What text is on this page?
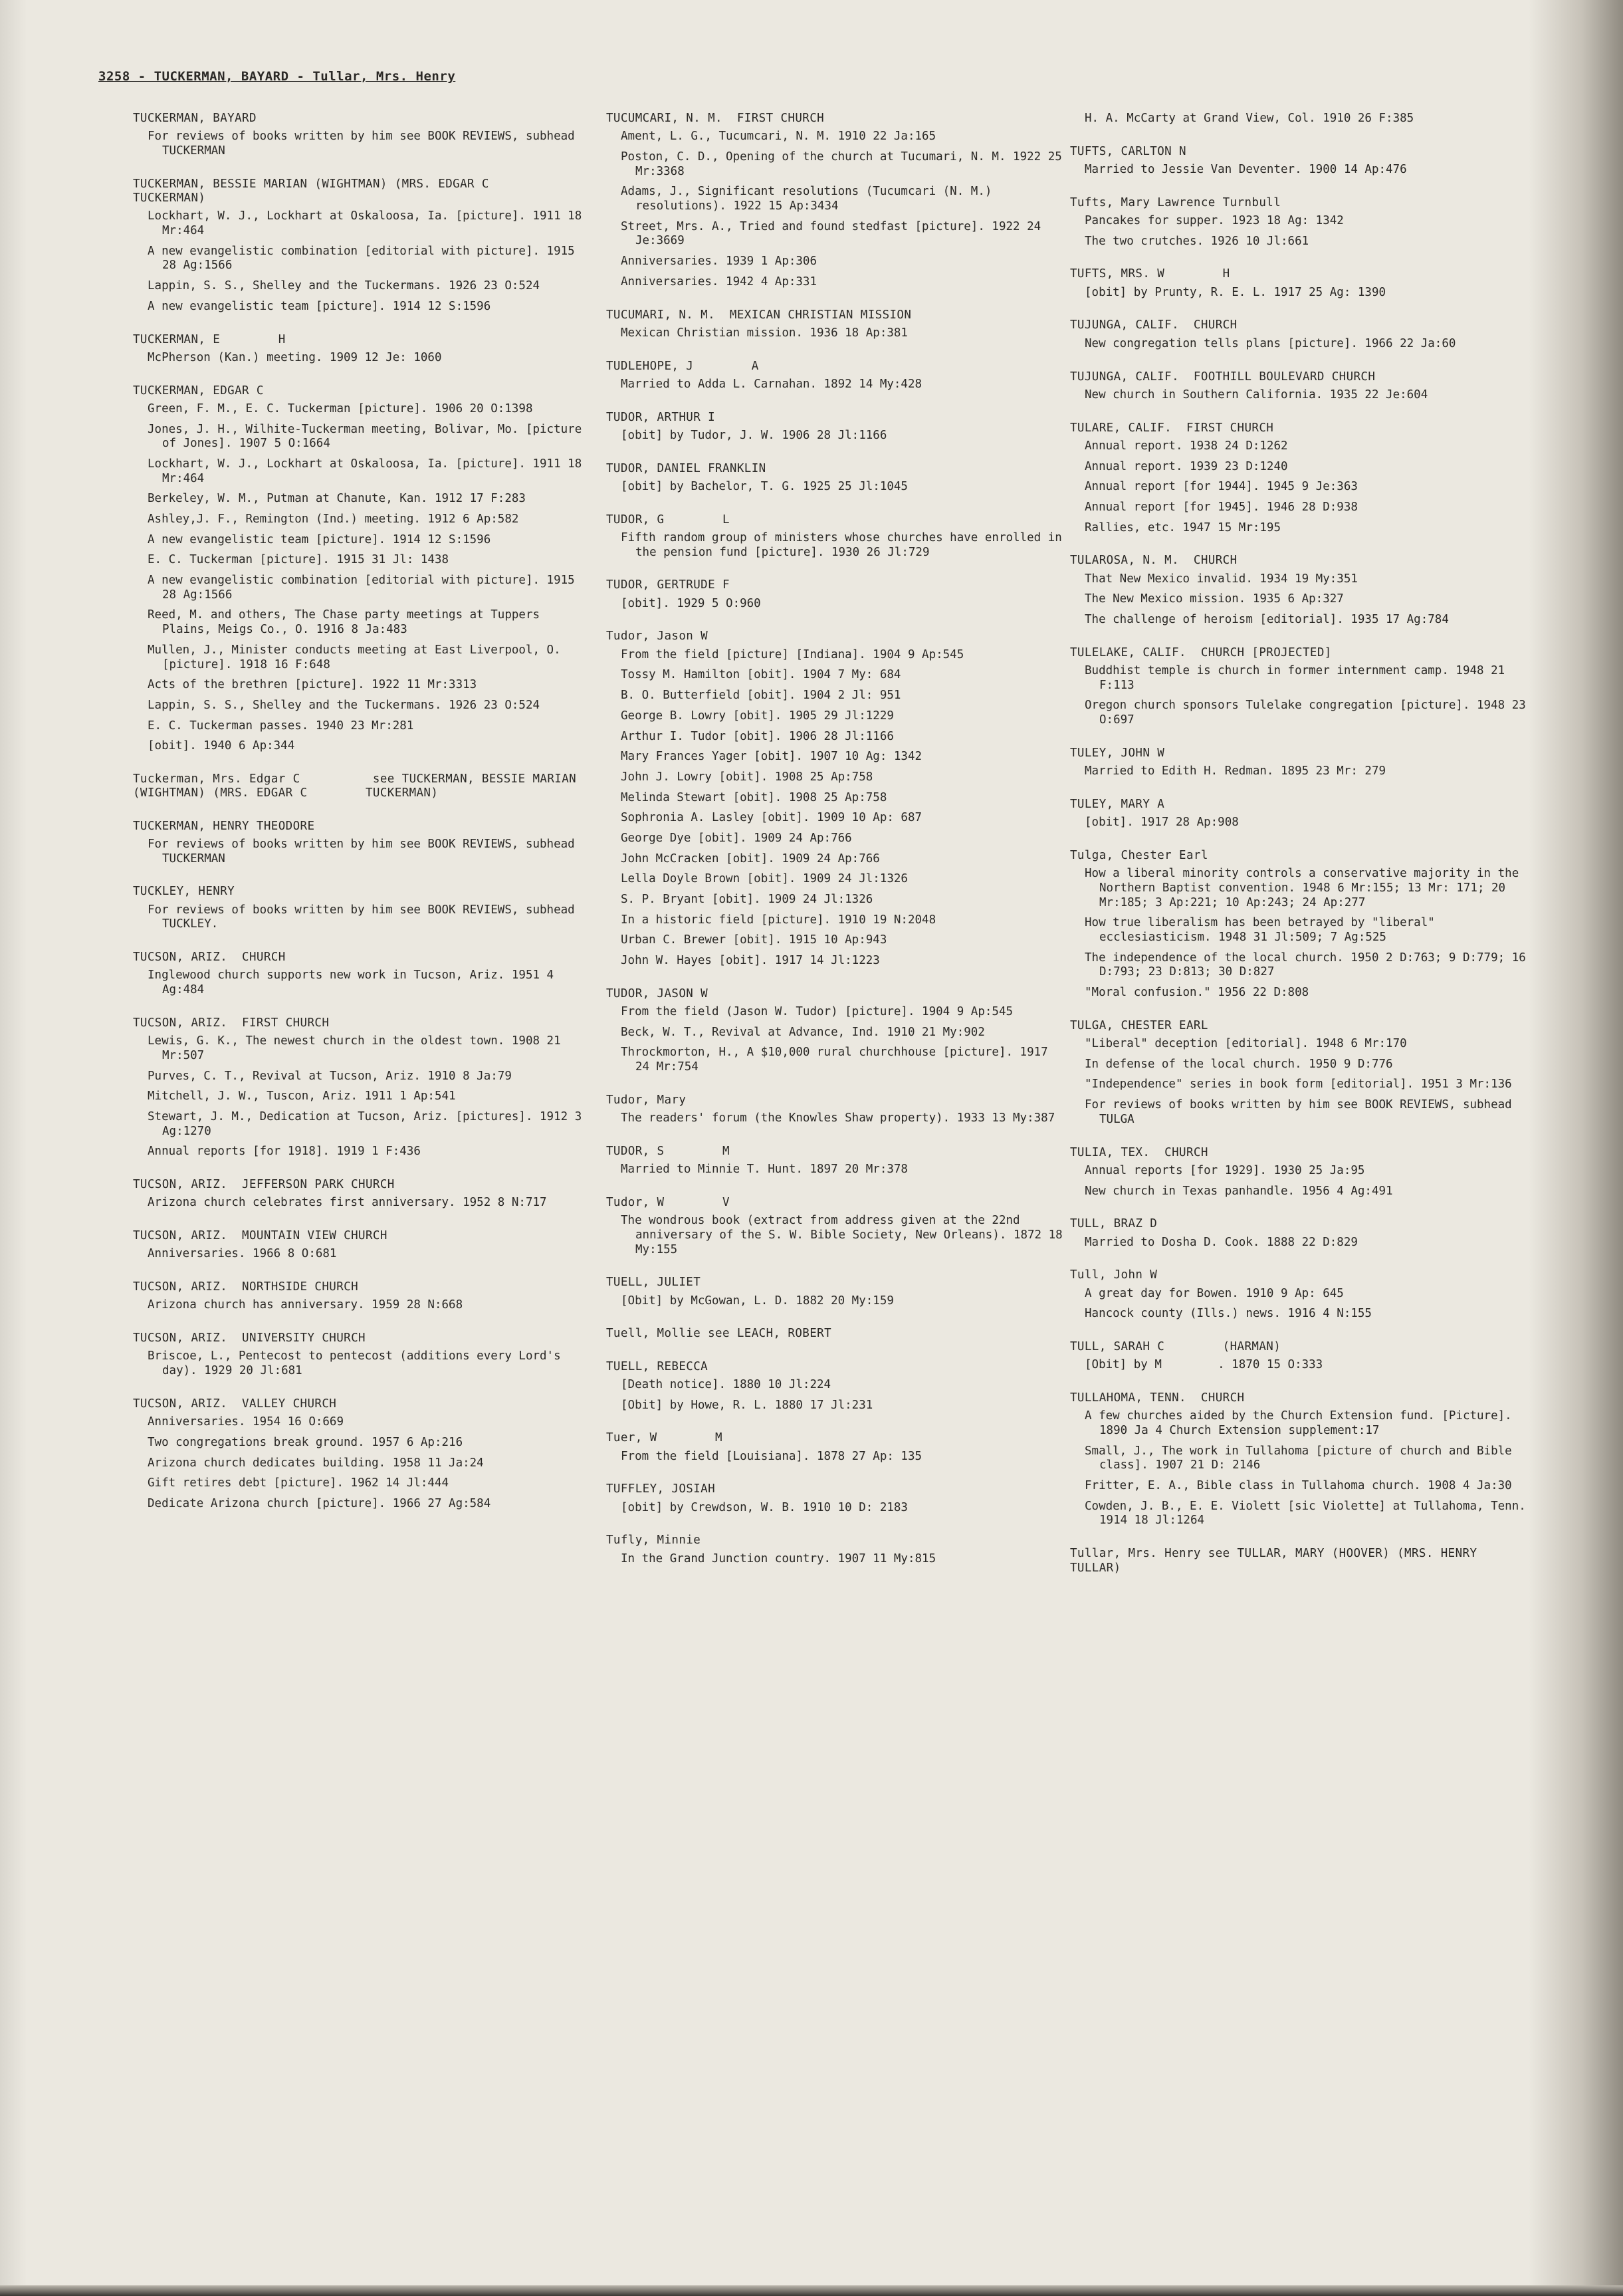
3258 - TUCKERMAN, BAYARD - Tullar, Mrs. Henry
TUCKERMAN, BAYARD
For reviews of books written by him see BOOK REVIEWS, subhead TUCKERMAN
TUCKERMAN, BESSIE MARIAN (WIGHTMAN) (MRS. EDGAR C        TUCKERMAN)
Lockhart, W. J., Lockhart at Oskaloosa, Ia. [picture]. 1911 18 Mr:464
A new evangelistic combination [editorial with picture]. 1915 28 Ag:1566
Lappin, S. S., Shelley and the Tuckermans. 1926 23 O:524
A new evangelistic team [picture]. 1914 12 S:1596
TUCKERMAN, E        H
McPherson (Kan.) meeting. 1909 12 Je: 1060
TUCKERMAN, EDGAR C
Green, F. M., E. C. Tuckerman [picture]. 1906 20 O:1398
Jones, J. H., Wilhite-Tuckerman meeting, Bolivar, Mo. [picture of Jones]. 1907 5 O:1664
Lockhart, W. J., Lockhart at Oskaloosa, Ia. [picture]. 1911 18 Mr:464
Berkeley, W. M., Putman at Chanute, Kan. 1912 17 F:283
Ashley,J. F., Remington (Ind.) meeting. 1912 6 Ap:582
A new evangelistic team [picture]. 1914 12 S:1596
E. C. Tuckerman [picture]. 1915 31 Jl: 1438
A new evangelistic combination [editorial with picture]. 1915 28 Ag:1566
Reed, M. and others, The Chase party meetings at Tuppers Plains, Meigs Co., O. 1916 8 Ja:483
Mullen, J., Minister conducts meeting at East Liverpool, O. [picture]. 1918 16 F:648
Acts of the brethren [picture]. 1922 11 Mr:3313
Lappin, S. S., Shelley and the Tuckermans. 1926 23 O:524
E. C. Tuckerman passes. 1940 23 Mr:281
[obit]. 1940 6 Ap:344
Tuckerman, Mrs. Edgar C          see TUCKERMAN, BESSIE MARIAN (WIGHTMAN) (MRS. EDGAR C        TUCKERMAN)
TUCKERMAN, HENRY THEODORE
For reviews of books written by him see BOOK REVIEWS, subhead TUCKERMAN
TUCKLEY, HENRY
For reviews of books written by him see BOOK REVIEWS, subhead TUCKLEY.
TUCSON, ARIZ.  CHURCH
Inglewood church supports new work in Tucson, Ariz. 1951 4 Ag:484
TUCSON, ARIZ.  FIRST CHURCH
Lewis, G. K., The newest church in the oldest town. 1908 21 Mr:507
Purves, C. T., Revival at Tucson, Ariz. 1910 8 Ja:79
Mitchell, J. W., Tuscon, Ariz. 1911 1 Ap:541
Stewart, J. M., Dedication at Tucson, Ariz. [pictures]. 1912 3 Ag:1270
Annual reports [for 1918]. 1919 1 F:436
TUCSON, ARIZ.  JEFFERSON PARK CHURCH
Arizona church celebrates first anniversary. 1952 8 N:717
TUCSON, ARIZ.  MOUNTAIN VIEW CHURCH
Anniversaries. 1966 8 O:681
TUCSON, ARIZ.  NORTHSIDE CHURCH
Arizona church has anniversary. 1959 28 N:668
TUCSON, ARIZ.  UNIVERSITY CHURCH
Briscoe, L., Pentecost to pentecost (additions every Lord's day). 1929 20 Jl:681
TUCSON, ARIZ.  VALLEY CHURCH
Anniversaries. 1954 16 O:669
Two congregations break ground. 1957 6 Ap:216
Arizona church dedicates building. 1958 11 Ja:24
Gift retires debt [picture]. 1962 14 Jl:444
Dedicate Arizona church [picture]. 1966 27 Ag:584
TUCUMCARI, N. M.  FIRST CHURCH
Ament, L. G., Tucumcari, N. M. 1910 22 Ja:165
Poston, C. D., Opening of the church at Tucumari, N. M. 1922 25 Mr:3368
Adams, J., Significant resolutions (Tucumcari (N. M.) resolutions). 1922 15 Ap:3434
Street, Mrs. A., Tried and found stedfast [picture]. 1922 24 Je:3669
Anniversaries. 1939 1 Ap:306
Anniversaries. 1942 4 Ap:331
TUCUMARI, N. M.  MEXICAN CHRISTIAN MISSION
Mexican Christian mission. 1936 18 Ap:381
TUDLEHOPE, J        A
Married to Adda L. Carnahan. 1892 14 My:428
TUDOR, ARTHUR I
[obit] by Tudor, J. W. 1906 28 Jl:1166
TUDOR, DANIEL FRANKLIN
[obit] by Bachelor, T. G. 1925 25 Jl:1045
TUDOR, G        L
Fifth random group of ministers whose churches have enrolled in the pension fund [picture]. 1930 26 Jl:729
TUDOR, GERTRUDE F
[obit]. 1929 5 O:960
Tudor, Jason W
From the field [picture] [Indiana]. 1904 9 Ap:545
Tossy M. Hamilton [obit]. 1904 7 My: 684
B. O. Butterfield [obit]. 1904 2 Jl: 951
George B. Lowry [obit]. 1905 29 Jl:1229
Arthur I. Tudor [obit]. 1906 28 Jl:1166
Mary Frances Yager [obit]. 1907 10 Ag: 1342
John J. Lowry [obit]. 1908 25 Ap:758
Melinda Stewart [obit]. 1908 25 Ap:758
Sophronia A. Lasley [obit]. 1909 10 Ap: 687
George Dye [obit]. 1909 24 Ap:766
John McCracken [obit]. 1909 24 Ap:766
Lella Doyle Brown [obit]. 1909 24 Jl:1326
S. P. Bryant [obit]. 1909 24 Jl:1326
In a historic field [picture]. 1910 19 N:2048
Urban C. Brewer [obit]. 1915 10 Ap:943
John W. Hayes [obit]. 1917 14 Jl:1223
TUDOR, JASON W
From the field (Jason W. Tudor) [picture]. 1904 9 Ap:545
Beck, W. T., Revival at Advance, Ind. 1910 21 My:902
Throckmorton, H., A $10,000 rural churchhouse [picture]. 1917 24 Mr:754
Tudor, Mary
The readers' forum (the Knowles Shaw property). 1933 13 My:387
TUDOR, S        M
Married to Minnie T. Hunt. 1897 20 Mr:378
Tudor, W        V
The wondrous book (extract from address given at the 22nd anniversary of the S. W. Bible Society, New Orleans). 1872 18 My:155
TUELL, JULIET
[Obit] by McGowan, L. D. 1882 20 My:159
Tuell, Mollie see LEACH, ROBERT
TUELL, REBECCA
[Death notice]. 1880 10 Jl:224
[Obit] by Howe, R. L. 1880 17 Jl:231
Tuer, W        M
From the field [Louisiana]. 1878 27 Ap: 135
TUFFLEY, JOSIAH
[obit] by Crewdson, W. B. 1910 10 D: 2183
Tufly, Minnie
In the Grand Junction country. 1907 11 My:815
H. A. McCarty at Grand View, Col. 1910 26 F:385
TUFTS, CARLTON N
Married to Jessie Van Deventer. 1900 14 Ap:476
Tufts, Mary Lawrence Turnbull
Pancakes for supper. 1923 18 Ag: 1342
The two crutches. 1926 10 Jl:661
TUFTS, MRS. W        H
[obit] by Prunty, R. E. L. 1917 25 Ag: 1390
TUJUNGA, CALIF.  CHURCH
New congregation tells plans [picture]. 1966 22 Ja:60
TUJUNGA, CALIF.  FOOTHILL BOULEVARD CHURCH
New church in Southern California. 1935 22 Je:604
TULARE, CALIF.  FIRST CHURCH
Annual report. 1938 24 D:1262
Annual report. 1939 23 D:1240
Annual report [for 1944]. 1945 9 Je:363
Annual report [for 1945]. 1946 28 D:938
Rallies, etc. 1947 15 Mr:195
TULAROSA, N. M.  CHURCH
That New Mexico invalid. 1934 19 My:351
The New Mexico mission. 1935 6 Ap:327
The challenge of heroism [editorial]. 1935 17 Ag:784
TULELAKE, CALIF.  CHURCH [PROJECTED]
Buddhist temple is church in former internment camp. 1948 21 F:113
Oregon church sponsors Tulelake congregation [picture]. 1948 23 O:697
TULEY, JOHN W
Married to Edith H. Redman. 1895 23 Mr: 279
TULEY, MARY A
[obit]. 1917 28 Ap:908
Tulga, Chester Earl
How a liberal minority controls a conservative majority in the Northern Baptist convention. 1948 6 Mr:155; 13 Mr: 171; 20 Mr:185; 3 Ap:221; 10 Ap:243; 24 Ap:277
How true liberalism has been betrayed by "liberal" ecclesiasticism. 1948 31 Jl:509; 7 Ag:525
The independence of the local church. 1950 2 D:763; 9 D:779; 16 D:793; 23 D:813; 30 D:827
"Moral confusion." 1956 22 D:808
TULGA, CHESTER EARL
"Liberal" deception [editorial]. 1948 6 Mr:170
In defense of the local church. 1950 9 D:776
"Independence" series in book form [editorial]. 1951 3 Mr:136
For reviews of books written by him see BOOK REVIEWS, subhead TULGA
TULIA, TEX.  CHURCH
Annual reports [for 1929]. 1930 25 Ja:95
New church in Texas panhandle. 1956 4 Ag:491
TULL, BRAZ D
Married to Dosha D. Cook. 1888 22 D:829
Tull, John W
A great day for Bowen. 1910 9 Ap: 645
Hancock county (Ills.) news. 1916 4 N:155
TULL, SARAH C        (HARMAN)
[Obit] by M        . 1870 15 O:333
TULLAHOMA, TENN.  CHURCH
A few churches aided by the Church Extension fund. [Picture]. 1890 Ja 4 Church Extension supplement:17
Small, J., The work in Tullahoma [picture of church and Bible class]. 1907 21 D: 2146
Fritter, E. A., Bible class in Tullahoma church. 1908 4 Ja:30
Cowden, J. B., E. E. Violett [sic Violette] at Tullahoma, Tenn. 1914 18 Jl:1264
Tullar, Mrs. Henry see TULLAR, MARY (HOOVER) (MRS. HENRY TULLAR)
